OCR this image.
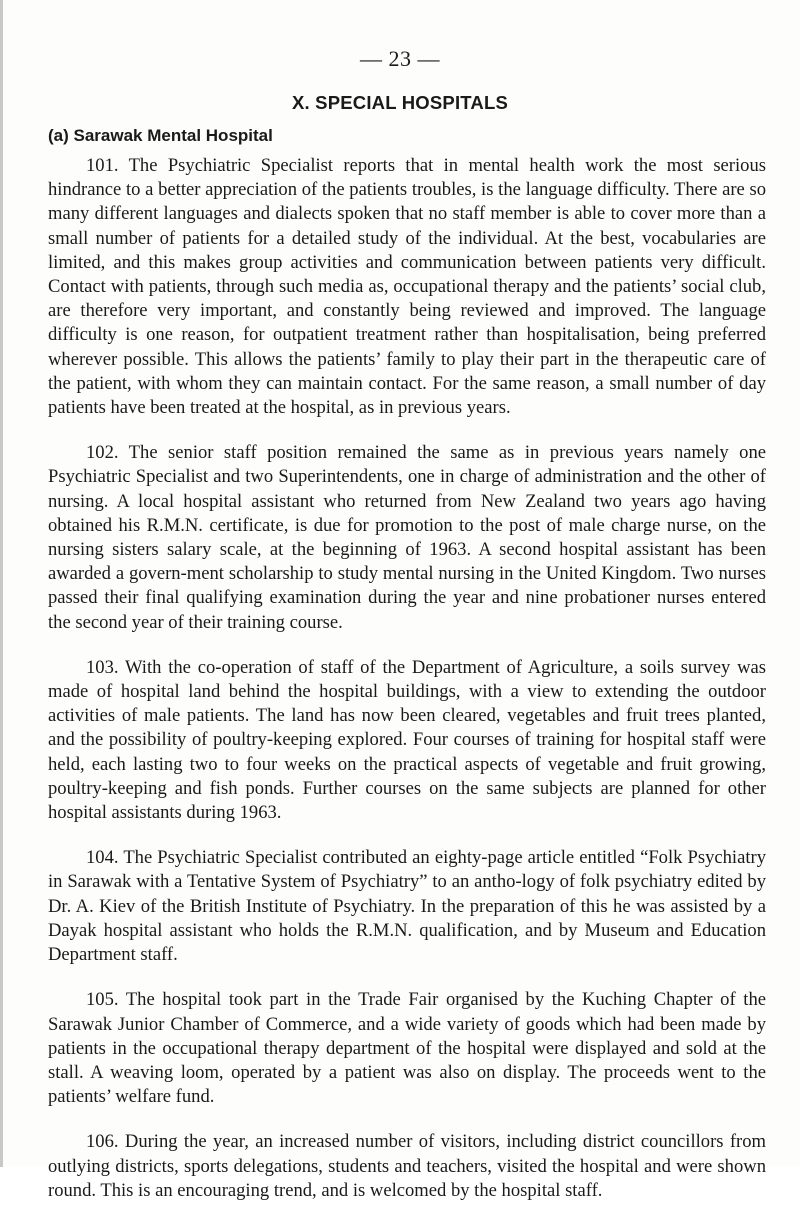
— 23 —
X. SPECIAL HOSPITALS
(a) Sarawak Mental Hospital

101. The Psychiatric Specialist reports that in mental health work the most serious hindrance to a better appreciation of the patients troubles, is the language difficulty. There are so many different languages and dialects spoken that no staff member is able to cover more than a small number of patients for a detailed study of the individual. At the best, vocabularies are limited, and this makes group activities and communication between patients very difficult. Contact with patients, through such media as, occupational therapy and the patients’ social club, are therefore very important, and constantly being reviewed and improved. The language difficulty is one reason, for outpatient treatment rather than hospitalisation, being preferred wherever possible. This allows the patients’ family to play their part in the therapeutic care of the patient, with whom they can maintain contact. For the same reason, a small number of day patients have been treated at the hospital, as in previous years.

102. The senior staff position remained the same as in previous years namely one Psychiatric Specialist and two Superintendents, one in charge of administration and the other of nursing. A local hospital assistant who returned from New Zealand two years ago having obtained his R.M.N. certificate, is due for promotion to the post of male charge nurse, on the nursing sisters salary scale, at the beginning of 1963. A second hospital assistant has been awarded a govern-ment scholarship to study mental nursing in the United Kingdom. Two nurses passed their final qualifying examination during the year and nine probationer nurses entered the second year of their training course.

103. With the co-operation of staff of the Department of Agriculture, a soils survey was made of hospital land behind the hospital buildings, with a view to extending the outdoor activities of male patients. The land has now been cleared, vegetables and fruit trees planted, and the possibility of poultry-keeping explored. Four courses of training for hospital staff were held, each lasting two to four weeks on the practical aspects of vegetable and fruit growing, poultry-keeping and fish ponds. Further courses on the same subjects are planned for other hospital assistants during 1963.

104. The Psychiatric Specialist contributed an eighty-page article entitled “Folk Psychiatry in Sarawak with a Tentative System of Psychiatry” to an antho-logy of folk psychiatry edited by Dr. A. Kiev of the British Institute of Psychiatry. In the preparation of this he was assisted by a Dayak hospital assistant who holds the R.M.N. qualification, and by Museum and Education Department staff.

105. The hospital took part in the Trade Fair organised by the Kuching Chapter of the Sarawak Junior Chamber of Commerce, and a wide variety of goods which had been made by patients in the occupational therapy department of the hospital were displayed and sold at the stall. A weaving loom, operated by a patient was also on display. The proceeds went to the patients’ welfare fund.

106. During the year, an increased number of visitors, including district councillors from outlying districts, sports delegations, students and teachers, visited the hospital and were shown round. This is an encouraging trend, and is welcomed by the hospital staff.
